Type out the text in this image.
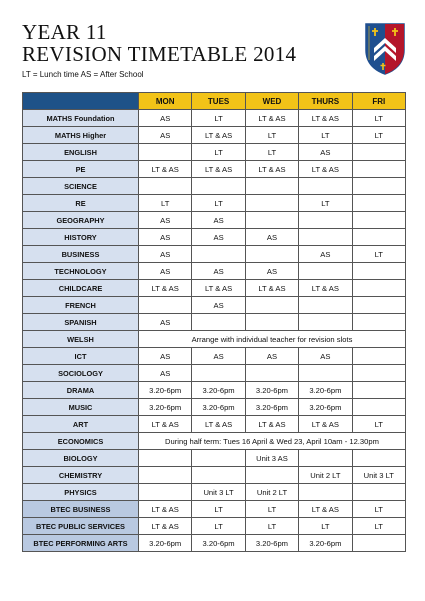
YEAR 11
REVISION TIMETABLE 2014
LT = Lunch time AS = After School
	MON	TUES	WED	THURS	FRI
MATHS Foundation	AS	LT	LT & AS	LT & AS	LT
MATHS Higher	AS	LT & AS	LT	LT	LT
ENGLISH		LT	LT	AS	
PE	LT & AS	LT & AS	LT & AS	LT & AS	
SCIENCE					
RE	LT	LT		LT	
GEOGRAPHY	AS	AS			
HISTORY	AS	AS	AS		
BUSINESS	AS			AS	LT
TECHNOLOGY	AS	AS	AS		
CHILDCARE	LT & AS	LT & AS	LT & AS	LT & AS	
FRENCH		AS			
SPANISH	AS				
WELSH	Arrange with individual teacher for revision slots				
ICT	AS	AS	AS	AS	
SOCIOLOGY	AS				
DRAMA	3.20-6pm	3.20-6pm	3.20-6pm	3.20-6pm	
MUSIC	3.20-6pm	3.20-6pm	3.20-6pm	3.20-6pm	
ART	LT & AS	LT & AS	LT & AS	LT & AS	LT
ECONOMICS	During half term: Tues 16 April & Wed 23, April 10am - 12.30pm				
BIOLOGY			Unit 3 AS		
CHEMISTRY				Unit 2 LT	Unit 3 LT
PHYSICS		Unit 3 LT	Unit 2 LT		
BTEC BUSINESS	LT & AS	LT	LT	LT & AS	LT
BTEC PUBLIC SERVICES	LT & AS	LT	LT	LT	LT
BTEC PERFORMING ARTS	3.20-6pm	3.20-6pm	3.20-6pm	3.20-6pm	
